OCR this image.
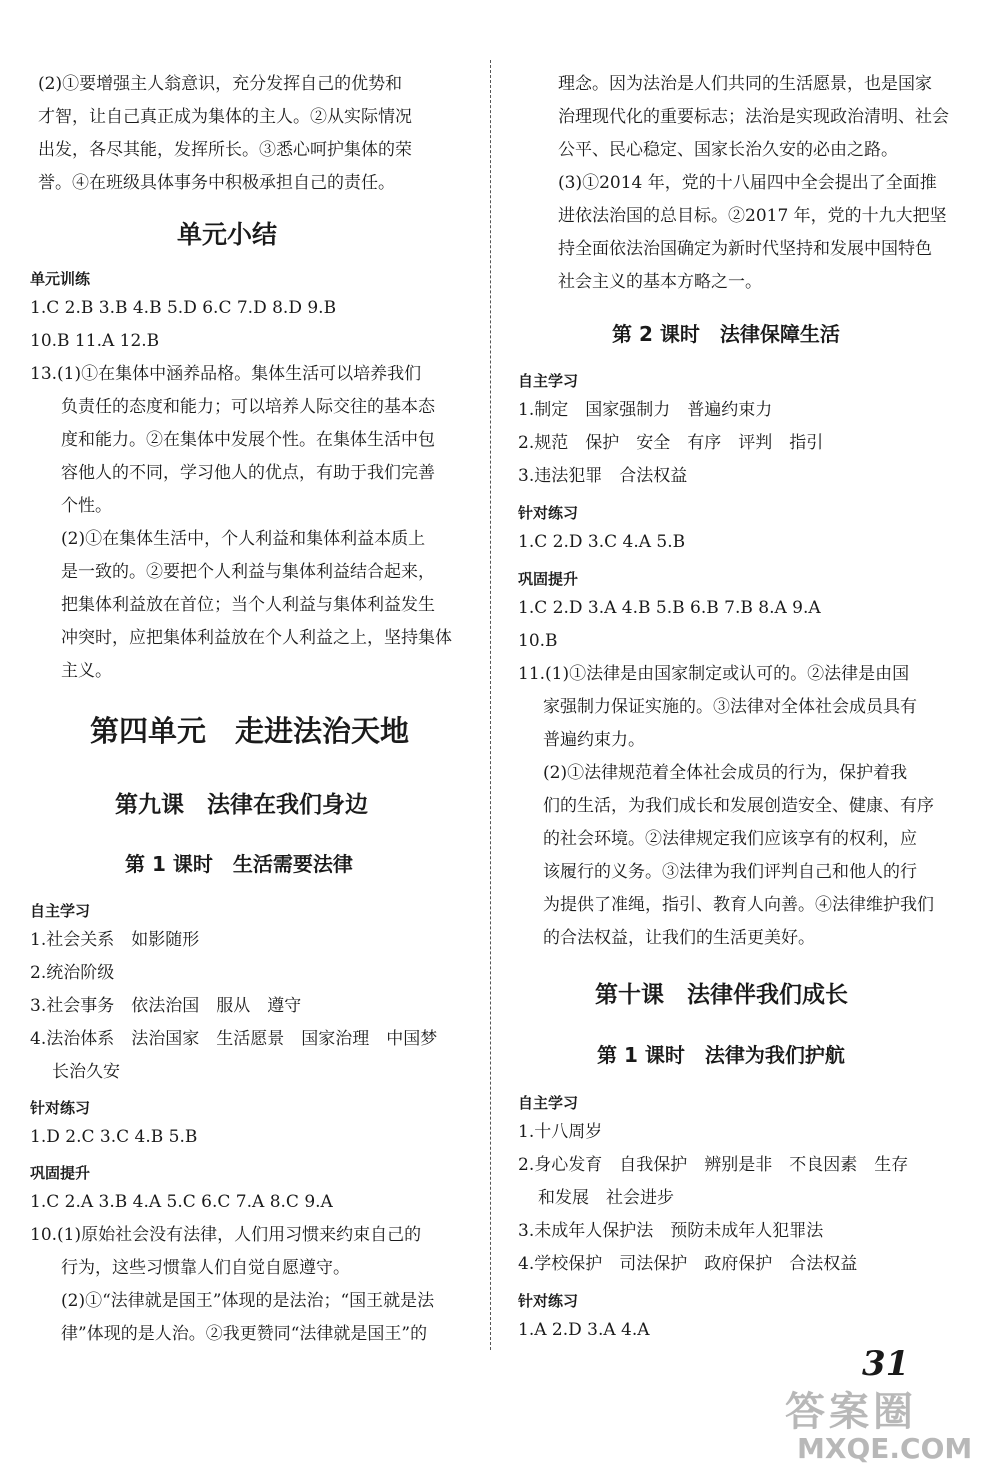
(2)①要增强主人翁意识，充分发挥自己的优势和
才智，让自己真正成为集体的主人。②从实际情况
出发，各尽其能，发挥所长。③悉心呵护集体的荣
誉。④在班级具体事务中积极承担自己的责任。
单元小结
单元训练
1.C 2.B 3.B 4.B 5.D 6.C 7.D 8.D 9.B
10.B 11.A 12.B
13.(1)①在集体中涵养品格。集体生活可以培养我们
负责任的态度和能力；可以培养人际交往的基本态
度和能力。②在集体中发展个性。在集体生活中包
容他人的不同，学习他人的优点，有助于我们完善
个性。
(2)①在集体生活中，个人利益和集体利益本质上
是一致的。②要把个人利益与集体利益结合起来，
把集体利益放在首位；当个人利益与集体利益发生
冲突时，应把集体利益放在个人利益之上，坚持集体
主义。
第四单元　走进法治天地
第九课　法律在我们身边
第 1 课时　生活需要法律
自主学习
1.社会关系　如影随形
2.统治阶级
3.社会事务　依法治国　服从　遵守
4.法治体系　法治国家　生活愿景　国家治理　中国梦
长治久安
针对练习
1.D 2.C 3.C 4.B 5.B
巩固提升
1.C 2.A 3.B 4.A 5.C 6.C 7.A 8.C 9.A
10.(1)原始社会没有法律，人们用习惯来约束自己的
行为，这些习惯靠人们自觉自愿遵守。
(2)①“法律就是国王”体现的是法治；“国王就是法
律”体现的是人治。②我更赞同“法律就是国王”的
理念。因为法治是人们共同的生活愿景，也是国家
治理现代化的重要标志；法治是实现政治清明、社会
公平、民心稳定、国家长治久安的必由之路。
(3)①2014 年，党的十八届四中全会提出了全面推
进依法治国的总目标。②2017 年，党的十九大把坚
持全面依法治国确定为新时代坚持和发展中国特色
社会主义的基本方略之一。
第 2 课时　法律保障生活
自主学习
1.制定　国家强制力　普遍约束力
2.规范　保护　安全　有序　评判　指引
3.违法犯罪　合法权益
针对练习
1.C 2.D 3.C 4.A 5.B
巩固提升
1.C 2.D 3.A 4.B 5.B 6.B 7.B 8.A 9.A
10.B
11.(1)①法律是由国家制定或认可的。②法律是由国
家强制力保证实施的。③法律对全体社会成员具有
普遍约束力。
(2)①法律规范着全体社会成员的行为，保护着我
们的生活，为我们成长和发展创造安全、健康、有序
的社会环境。②法律规定我们应该享有的权利，应
该履行的义务。③法律为我们评判自己和他人的行
为提供了准绳，指引、教育人向善。④法律维护我们
的合法权益，让我们的生活更美好。
第十课　法律伴我们成长
第 1 课时　法律为我们护航
自主学习
1.十八周岁
2.身心发育　自我保护　辨别是非　不良因素　生存
和发展　社会进步
3.未成年人保护法　预防未成年人犯罪法
4.学校保护　司法保护　政府保护　合法权益
针对练习
1.A 2.D 3.A 4.A
31
答案圈
MXQE.COM
